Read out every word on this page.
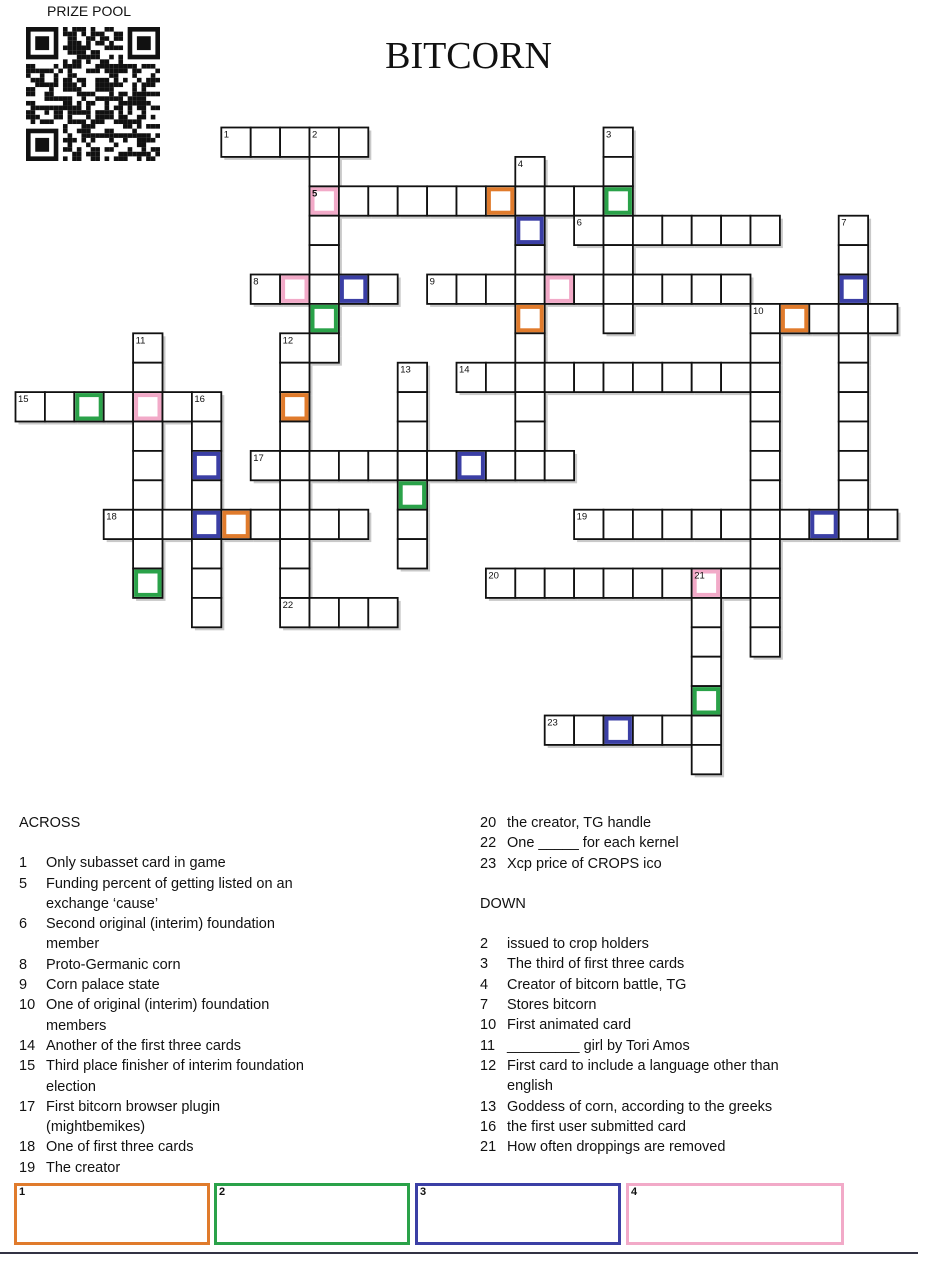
PRIZE POOL
BITCORN
1	2
5
6
8	9
10
14
15
17
18	19
20	21
22
23
3
4
7
11	12
13
16
ACROSS
1	Only subasset card in game
5	Funding percent of getting listed on an exchange ‘cause’
6	Second original (interim) foundation member
8	Proto-Germanic corn
9	Corn palace state
10 One of original (interim) foundation members
14 Another of the first three cards
15 Third place finisher of interim foundation election
17 First bitcorn browser plugin (mightbemikes)
18 One of first three cards
19 The creator
20 the creator, TG handle
22 One _____ for each kernel
23 Xcp price of CROPS ico
DOWN
2	issued to crop holders
3	The third of first three cards
4	Creator of bitcorn battle, TG
7	Stores bitcorn
10 First animated card
11 _________ girl by Tori Amos
12 First card to include a language other than english
13 Goddess of corn, according to the greeks
16 the first user submitted card
21 How often droppings are removed
1	2	3	4
